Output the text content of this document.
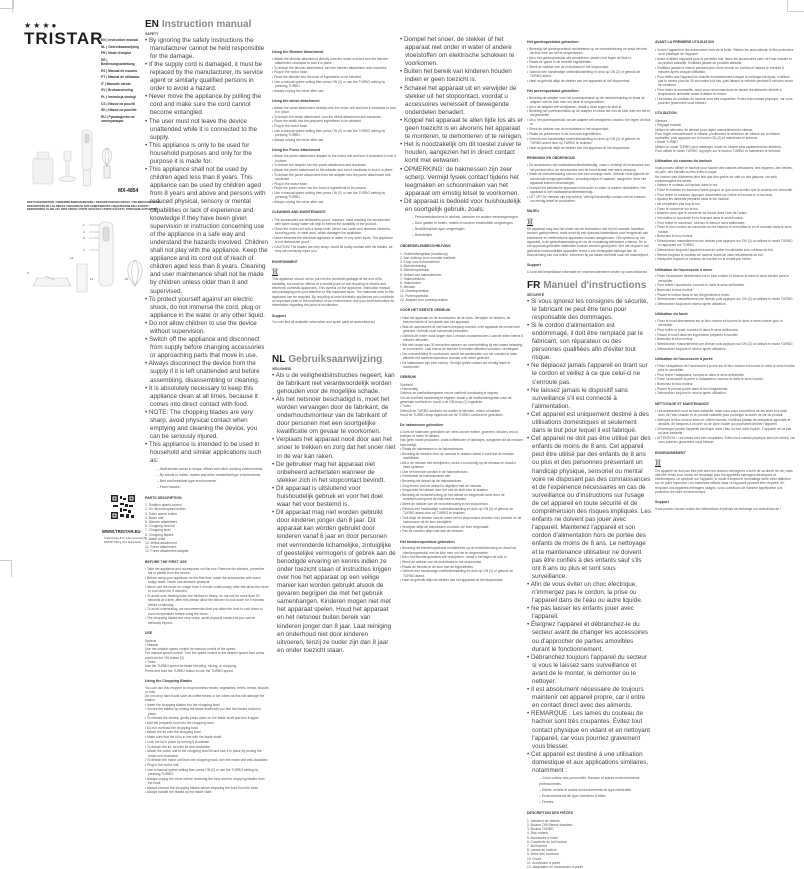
★★★●
TRISTAR
EN | Instruction manual
NL | Gebruiksaanwijzing
FR | Mode d'emploi
DE | Bedienungsanleitung
ES | Manual de usuario
PT | Manual de utilizador
IT | Manuale utente
SV | Bruksanvisning
PL | Instrukcja obsługi
CS | Návod na použití
SK | Návod na použitie
RU | Руководство по эксплуатации
MX-4854
PARTS DESCRIPTION / ONDERDELENBESCHRIJVING / DESCRIPTION DES PIÈCES / TEILEBESCHREIBUNG /
DESCRIPCIÓN DE LAS PIEZAS / DESCRIÇÃO DOS COMPONENTES / DESCRIZIONE DELLE PARTI /
BESKRIVNING AV DELAR / OPIS CZĘŚCI / POPIS SOUČÁSTÍ / POPIS SÚČASTÍ / ОПИСАНИЕ ЗАПЧАСТЕЙ
1
2
3
4
12
11	10
6
WWW.TRISTAR.EU
Tristar Europe B.V. | Jules Verneweg 87
5015 BH Tilburg | The Netherlands
EN Instruction manual
SAFETY
• By ignoring the safety instructions the manufacturer cannot be held responsible for the damage.
• If the supply cord is damaged, it must be replaced by the manufacturer, its service agent or similarly qualified persons in order to avoid a hazard.
• Never move the appliance by pulling the cord and make sure the cord cannot become entangled.
• The user must not leave the device unattended while it is connected to the supply.
• This appliance is only to be used for household purposes and only for the purpose it is made for.
• This appliance shall not be used by children aged less than 8 years. This appliance can be used by children aged from 8 years and above and persons with reduced physical, sensory or mental capabilities or lack of experience and knowledge if they have been given supervision or instruction concerning use of the appliance in a safe way and understand the hazards involved. Children shall not play with the appliance. Keep the appliance and its cord out of reach of children aged less than 8 years. Cleaning and user maintenance shall not be made by children unless older than 8 and supervised.
• To protect yourself against an electric shock, do not immerse the cord, plug or appliance in the water or any other liquid.
• Do not allow children to use the device without supervision.
• Switch off the appliance and disconnect from supply before changing accessories or approaching parts that move in use.
• Always disconnect the device from the supply if it is left unattended and before assembling, disassembling or cleaning.
• It is absolutely necessary to keep this appliance clean at all times, because it comes into direct contact with food.
• NOTE: The chopping blades are very sharp, avoid physical contact when emptying and cleaning the device, you can be seriously injured.
• This appliance is intended to be used in household and similar applications such as:
– Staff kitchen areas in shops, offices and other working environments.
– By clients in hotels, motels and other residential type environments.
– Bed and breakfast type environments.
– Farm houses.
PARTS DESCRIPTION
1. Rotation speed control
2. On /Normal speed button
3. Turbo speed button
4. Motor unit
5. Blender attachment
6. Chopping bowl lid
7. Chopping bowl
8. Chopping blades
9. Blade shaft
10. Whisk attachment
11. Puree attachment
12. Puree attachment adapter
BEFORE THE FIRST USE
• Take the appliance and accessories out the box. Remove the stickers, protective foil or plastic from the device.
• Before using your appliance for the first time, wash the accessories with warm soapy water. Never use abrasive products.
• Never use the mixer for longer than 1 minute continuously, after this allow the mixer to cool down for 5 minutes.
• To avoid over-heating when the mixture is heavy, do not mix for more than 30 seconds at a time, after this please allow the blender to cool down for 5 minutes before continuing.
• To avoid overheating, we recommended that you allow the food to cool down to room temperature before using the mixer.
• The chopping blades are very sharp, avoid physical contact as you can be seriously injured.
USE

Speeds

• Manual

Use the rotation speed control for manual control of the speed.

For manual speed control: Turn the speed control to the desired speed then press and hold the ON button (2).

• Turbo

Use the TURBO speed for faster blending, mixing, or chopping.

Press and hold the TURBO button to use the TURBO speed.

Using the Chopping Blades

You can use this chopper to chop boneless meats, vegetables, herbs, bread, biscuits or nuts.

Do not chop hard foods such as coffee beans or ice cubes as this will damage the blades.

• Insert the chopping blades into the chopping bowl.
• Secure the blades by turning the blade shaft until you feel the blades locked in place.
• To release the blades, gently press down on the blade shaft and turn it again.
• Add the prepared food into the chopping bowl.
• Do not overload the chopping bowl.
• Attach the lid onto the chopping bowl.
• Make sure that the lid is in line with the blade shaft.
• Lock the lid in place by turning it clockwise.
• To detach the lid, turn the lid anti clockwise.
• Attach the motor unit to the chopping bowl lid and lock it in place by turning the motor unit clockwise.
• To detach the motor unit from the chopping bowl, turn the motor unit anti-clockwise.
• Plug in the motor unit.
• Use a manual speed setting then press ON (2) or use the TURBO setting by pressing TURBO.
• Always unplug the mixer before removing the food and the chopping blades from the bowl.
• Always remove the chopping blades before emptying the food from the bowl.
• Always handle the blades by the blade shaft.
Using the Blender Attachment
• Attach the blender attachment directly onto the motor unit and turn the blender attachment clockwise to lock it in place.
• To detach the blender attachment, turn the blender attachment anti-clockwise.
• Plug in the motor base.
• Place the blender into the bowl of ingredients to be blended.
• Use a manual speed setting then press ON (2) or use the TURBO setting by pressing TURBO.
• Always unplug the mixer after use.
Using the whisk attachment
• Attach the whisk attachment directly onto the motor unit and turn it clockwise to lock it in place.
• To detach the whisk attachment, turn the whisk attachment anti-clockwise.
• Place the whisk into the prepared ingredients to be whisked.
• Plug in the motor base.
• Use a manual speed setting then press ON (2) or use the TURBO setting by pressing TURBO.
• Always unplug the mixer after use.
Using the Puree Attachment
• Attach the puree attachment adapter to the motor unit and turn it clockwise to lock it in place.
• To detach the adapter turn the puree attachment anti-clockwise.
• Attach the puree attachment to the adapter and turn it clockwise to lock it in place.
• To detach the puree attachment from the adapter turn the puree attachment anti-clockwise.
• Plug in the motor base.
• Place the puree mixer into the bowl of ingredients to be pureed.
• Use a manual speed setting then press ON (2) or use the TURBO setting by pressing TURBO.
• Always unplug the mixer after use.
CLEANING AND MAINTENANCE
• The accessories are dishwasher-proof, however, hand washing the accessories with warm soapy water will help to extend the durability of the product.
• Clean the motor unit with a damp cloth. Never use harsh and abrasive cleaners, scouring pads, or steel wool, which damages the appliance.
• Never immerse the electrical appliance in water or any other liquid. The appliance is not dishwasher proof.
• CAUTION! The blades are very sharp. Avoid all bodily contact with the blades, as they can seriously injure you.
ENVIRONMENT

This appliance should not be put into the domestic garbage at the end of its durability, but must be offered at a central point for the recycling of electric and electronic domestic appliances. This symbol on the appliance, instruction manual and packaging puts your attention to this important issue. The materials used in this appliance can be recycled. By recycling of used domestic appliances you contribute an important push to the protection of our environment. Ask your local authorities for information regarding the point of recollection.
Support

You can find all available information and spare parts at www.tristar.eu!

NL Gebruiksaanwijzing
VEILIGHEID
• Als u de veiligheidsinstructies negeert, kan de fabrikant niet verantwoordelijk worden gehouden voor de mogelijke schade.
• Als het netsnoer beschadigd is, moet het worden vervangen door de fabrikant, de onderhoudsmonteur van de fabrikant of door personen met een soortgelijke kwalificatie om gevaar te voorkomen.
• Verplaats het apparaat nooit door aan het snoer te trekken en zorg dat het snoer niet in de war kan raken.
• De gebruiker mag het apparaat niet onbeheerd achterlaten wanneer de stekker zich in het stopcontact bevindt.
• Dit apparaat is uitsluitend voor huishoudelijk gebruik en voor het doel waar het voor bestemd is.
• Dit apparaat mag niet worden gebruikt door kinderen jonger dan 8 jaar. Dit apparaat kan worden gebruikt door kinderen vanaf 8 jaar en door personen met verminderde lichamelijke, zintuiglijke of geestelijke vermogens of gebrek aan de benodigde ervaring en kennis indien ze onder toezicht staan of instructies krijgen over hoe het apparaat op een veilige manier kan worden gebruikt alsook de gevaren begrijpen die met het gebruik samenhangen. Kinderen mogen niet met het apparaat spelen. Houd het apparaat en het netsnoer buiten bereik van kinderen jonger dan 8 jaar. Laat reiniging en onderhoud niet door kinderen uitvoeren, tenzij ze ouder zijn dan 8 jaar en onder toezicht staan.
• Dompel het snoer, de stekker of het apparaat niet onder in water of andere vloeistoffen om elektrische schokken te voorkomen.
• Buiten het bereik van kinderen houden indien er geen toezicht is.
• Schakel het apparaat uit en verwijder de stekker uit het stopcontact, voordat u accessoires verwisselt of bewegende onderdelen benadert.
• Koppel het apparaat te allen tijde los als er geen toezicht is en alvorens het apparaat te monteren, te demonteren of te reinigen.
• Het is noodzakelijk om dit toestel zuiver te houden, aangezien het in direct contact komt met eetwaren.
• OPMERKING: de hakmessen zijn zeer scherp. Vermijd fysiek contact tijdens het leegmaken en schoonmaken van het apparaat om ernstig letsel te voorkomen.
• Dit apparaat is bedoeld voor huishoudelijk en soortgelijk gebruik, zoals:
– Personeelskeukens in winkels, kantoren en andere werkomgevingen.
– Door gasten in hotels, motels en andere residentiële omgevingen.
– Bed&Breakfast-type omgevingen.
– Boerderijen.
ONDERDELENBESCHRIJVING
1. Snelheidsregelaar (draaiknop)
2. Aan-/uitknop voor normale snelheid
3. Knop voor turbosnelheid
4. Motorbehuizing
5. Blenderopzetstuk
6. Deksel van hakmolenkom
7. Hakmolenkom
8. Hakmessen
9. Messas
10. Gardeopzetstuk
11. Pureeopzetstuk
12. Adapter voor pureeopzetstuk
VOOR HET EERSTE GEBRUIK
• Haal het apparaat en de accessoires uit de doos. Verwijder de stickers, de beschermfolie of het plastic van het apparaat.
• Was de accessoires af met warm zeepsop voordat u het apparaat de eerste keer gebruikt. Gebruik nooit schurende producten.
• Gebruik de mixer nooit langer dan 1 minuut ononderbroken. Laat de mixer hierna 5 minuten afkoelen.
• Mix niet langer dan 30 seconden aaneen om oververhitting bij een zware belasting te voorkomen. Laat hierna de blender 5 minuten afkoelen voordat u verdergaat.
• Om oververhitting te voorkomen, wordt het aanbevolen om het voedsel te laten afkoelen tot kamertemperatuur voordat u de mixer gebruikt.
• De hakmessen zijn zeer scherp. Vermijd fysiek contact om ernstig letsel te voorkomen.
GEBRUIK

Snelheid

• Handmatig

Gebruik de snelheidsregelaar om de snelheid handmatig te regelen.

Om de snelheid handmatig te regelen, draait u de snelheidsregelaar naar de gewenste snelheid en houdt u de ON-knop (2) ingedrukt.

• Turbo

Gebruik de TURBO-snelheid om sneller te blenden, mixen of hakken.

Houd de TURBO-knop ingedrukt om de TURBO-snelheid te gebruiken.

De hakmessen gebruiken

U kunt de hakmolen gebruiken om vlees zonder botten, groenten, kruiden, brood, koekjes of noten te hakken.

Hak geen harde producten, zoals koffiebonen of ijsblokjes, aangezien dit de messen beschadigt.

• Plaats de hakmessen in de hakmolenkom.
• Bevestig de messen door de messas te draaien totdat u voelt dat de messen vastklikken.
• Als u de messen wilt verwijderen, drukt u voorzichtig op de messas en draait u deze opnieuw.
• Doe het bereide voedsel in de hakmolenkom.
• Overbelast de hakmolenkom niet.
• Bevestig het deksel op de hakmolenkom.
• Zorg ervoor dat het deksel is uitgelijnd met de messas.
• Vergrendel het deksel door het met de klok mee te draaien.
• Bevestig de motorbehuizing op het deksel en vergrendel deze door de motorbehuizing met de klok mee te draaien.
• Steek de stekker van de motorbehuizing in het stopcontact.
• Gebruik een handmatige snelheidsinstelling en druk op ON (2) of gebruik de TURBO-stand door op TURBO te drukken.
• Trek altijd de stekker van de mixer uit het stopcontact voordat u het voedsel en de hakmessen uit de kom verwijdert.
• Verwijder altijd de hakmessen voordat u de kom leegmaakt.
• Pak de messen altijd vast aan de messas.
Het blenderopzetstuk gebruiken
• Bevestig het blenderopzetstuk rechtstreeks op de motorbehuizing en draai het blenderopzetstuk met de klok mee om het te vergrendelen.
• Als u het blenderopzetstuk wilt verwijderen, draait u het tegen de klok in.
• Steek de stekker van de motorbasis in het stopcontact.
• Plaats de blender in de kom met de ingrediënten.
• Gebruik een handmatige snelheidsinstelling en druk op ON (2) of gebruik de TURBO-stand.
• Haal na gebruik altijd de stekker van het apparaat uit het stopcontact.
Het gardeopzetstuk gebruiken
• Bevestig het gardeopzetstuk rechtstreeks op de motorbehuizing en draai het met de klok mee om het te vergrendelen.
• Als u het gardeopzetstuk wilt verwijderen, draait u het tegen de klok in.
• Plaats de garde in de bereide ingrediënten.
• Steek de stekker van de motorbasis in het stopcontact.
• Gebruik een handmatige snelheidsinstelling en druk op ON (2) of gebruik de TURBO-stand.
• Haal na gebruik altijd de stekker van het apparaat uit het stopcontact.
Het pureeopzetstuk gebruiken
• Bevestig de adapter voor het pureeopzetstuk op de motorbehuizing en draai de adapter met de klok mee om deze te vergrendelen.
• Als u de adapter wilt verwijderen, draait u deze tegen de klok in.
• Bevestig het pureeopzetstuk op de adapter en draai het met de klok mee om het te vergrendelen.
• Als u het pureeopzetstuk van de adapter wilt verwijderen, draait u het tegen de klok in.
• Steek de stekker van de motorbasis in het stopcontact.
• Plaats de pureemixer in de kom met ingrediënten.
• Gebruik een handmatige snelheidsinstelling en druk op ON (2) of gebruik de TURBO-stand door op TURBO te drukken.
• Haal na gebruik altijd de stekker van het apparaat uit het stopcontact.
REINIGING EN ONDERHOUD
• De accessoires zijn vaatwasmachinebestendig, maar u verlengt de levensduur van het product als u de accessoires met de hand afwast met warm zeepsop.
• Maak de motorbehuizing schoon met een vochtige doek. Gebruik nooit bijtende en schurende reinigingsmiddelen, schuursponsjes of staalwol, aangezien deze het apparaat kunnen beschadigen.
• Dompel het elektrische apparaat nooit onder in water of andere vloeistoffen. Het apparaat is niet vaatwasmachinebestendig.
• LET OP! De messen zijn erg scherp. Vermijd lichamelijk contact met de messen om ernstig letsel te voorkomen.
MILIEU

Dit apparaat mag aan het einde van de levensduur niet bij het normale huisafval worden gedeponeerd, maar moet bij een speciaal inzamelpunt voor hergebruik van elektrische en elektronische apparaten worden aangeboden. Het symbool op het apparaat, in de gebruiksaanwijzing en op de verpakking attendeert u hierop. De in het apparaat gebruikte materialen kunnen worden gerecycled. Met het recyclen van gebruikte huishoudelijke apparaten levert u een belangrijke bijdrage aan de bescherming van ons milieu. Informeer bij uw lokale overheid naar het inzamelpunt.
Support

U kunt alle beschikbare informatie en reserveonderdelen vinden op www.tristar.eu!

FR Manuel d'instructions
SÉCURITÉ
• Si vous ignorez les consignes de sécurité, le fabricant ne peut être tenu pour responsable des dommages.
• Si le cordon d'alimentation est endommagé, il doit être remplacé par le fabricant, son réparateur ou des personnes qualifiées afin d'éviter tout risque.
• Ne déplacez jamais l'appareil en tirant sur le cordon et veillez à ce que celui-ci ne s'enroule pas.
• Ne laissez jamais le dispositif sans surveillance s'il est connecté à l'alimentation.
• Cet appareil est uniquement destiné à des utilisations domestiques et seulement dans le but pour lequel il est fabriqué.
• Cet appareil ne doit pas être utilisé par des enfants de moins de 8 ans. Cet appareil peut être utilisé par des enfants de 8 ans ou plus et des personnes présentant un handicap physique, sensoriel ou mental voire ne disposant pas des connaissances et de l'expérience nécessaires en cas de surveillance ou d'instructions sur l'usage de cet appareil en toute sécurité et de compréhension des risques impliqués. Les enfants ne doivent pas jouer avec l'appareil. Maintenez l'appareil et son cordon d'alimentation hors de portée des enfants de moins de 8 ans. Le nettoyage et la maintenance utilisateur ne doivent pas être confiés à des enfants sauf s'ils ont 8 ans ou plus et sont sous surveillance.
• Afin de vous éviter un choc électrique, n'immergez pas le cordon, la prise ou l'appareil dans de l'eau ou autre liquide.
• Ne pas laisser les enfants jouer avec l'appareil.
• Éteignez l'appareil et débranchez-le du secteur avant de changer les accessoires ou d'approcher de parties amovibles durant le fonctionnement.
• Débranchez toujours l'appareil du secteur si vous le laissez sans surveillance et avant de le monter, le démonter ou le nettoyer.
• Il est absolument nécessaire de toujours maintenir cet appareil propre, car il entre en contact direct avec des aliments.
• REMARQUE : Les lames du couteau de hachoir sont très coupantes. Évitez tout contact physique en vidant et en nettoyant l'appareil, car vous pourriez gravement vous blesser.
• Cet appareil est destiné à une utilisation domestique et aux applications similaires, notamment :
– Coins cuisine des personnels, bureaux et autres environnements professionnels.
– Hôtels, motels et autres environnements de type résidentiel.
– Environnements de type chambres d'hôtes.
– Fermes.
DESCRIPTION DES PIÈCES
1. Variateur de vitesse
2. Bouton ON/Vitesse standard
3. Bouton TURBO
4. Bloc moteur
5. Accessoire à mixer
6. Couvercle du bol hachoir
7. Bol hachoir
8. Lames du hachoir
9. Arbre des couteaux
10. Fouet
11. Accessoire à purée
12. Adaptateur de l'accessoire à purée
AVANT LA PREMIÈRE UTILISATION
• Sortez l'appareil et les accessoires hors de la boîte. Retirez les autocollants, le film protecteur ou le plastique de l'appareil.
• Avant d'utiliser l'appareil pour la première fois, lavez les accessoires avec de l'eau chaude et du produit vaisselle. N'utilisez jamais de produits abrasifs.
• N'utilisez jamais le mixeur pendant plus d'une minute en continu et laissez-le refroidir 5 minutes après chaque utilisation.
• Pour éviter que l'appareil ne chauffe excessivement lorsque le mélange est épais, n'utilisez pas le mixeur plus de 30 secondes à la fois, puis laissez-le refroidir pendant 5 minutes avant de continuer.
• Pour éviter la surchauffe, nous vous recommandons de laisser les aliments refroidir à température ambiante avant d'utiliser le mixeur.
• Les lames du couteau du hachoir sont très coupantes. Évitez tout contact physique, car vous pourriez gravement vous blesser.
UTILISATION

Vitesses

• Réglage manuel

Utilisez le sélecteur de vitesse pour régler manuellement la vitesse.

Pour régler manuellement la vitesse, positionnez le sélecteur de vitesse sur la vitesse souhaitée, puis appuyez sur le bouton ON (2) et maintenez-le enfoncé.

• Mode TURBO

Utilisez le mode TURBO pour mélanger, mixer ou hacher plus rapidement les aliments.

Pour utiliser le mode TURBO, appuyez sur le bouton TURBO et maintenez-le enfoncé.

Utilisation du couteau du hachoir

Vous pouvez utiliser le hachoir pour hacher des viandes désossées, des légumes, des herbes, du pain, des biscuits ou des fruits à coque.

Ne hachez pas d'aliments durs tels que des grains de café ou des glaçons, car cela endommagera les lames.

• Insérez le couteau du hachoir dans le bol.
• Fixez le couteau en tournant l'arbre jusqu'à ce que vous sentiez que le couteau est verrouillé.
• Pour retirer le couteau, appuyez doucement sur l'arbre et tournez-le à nouveau.
• Ajoutez les aliments préparés dans le bol hachoir.
• Ne remplissez pas trop le bol.
• Fixez le couvercle sur le bol.
• Assurez-vous que le couvercle se trouve dans l'axe de l'arbre.
• Verrouillez le couvercle en le tournant dans le sens horaire.
• Pour retirer le couvercle, tournez-le dans le sens antihoraire.
• Fixez le bloc moteur au couvercle du bol hachoir et verrouillez-le en le tournant dans le sens horaire.
• Branchez le bloc moteur.
• Sélectionnez manuellement une vitesse puis appuyez sur ON (2) ou utilisez le mode TURBO en appuyant sur TURBO.
• Débranchez toujours l'appareil avant de retirer les aliments et le couteau du bol.
• Retirez toujours le couteau de hachoir avant de vider les aliments du bol.
• Manipulez toujours le couteau de hachoir en le tenant par l'arbre.
Utilisation de l'accessoire à mixer
• Fixez l'accessoire directement sur le bloc moteur et tournez-le dans le sens horaire pour le verrouiller.
• Pour retirer l'accessoire, tournez-le dans le sens antihoraire.
• Branchez le bloc moteur.
• Placez le mixeur dans le bol d'ingrédients à mixer.
• Sélectionnez manuellement une vitesse puis appuyez sur ON (2) ou utilisez le mode TURBO.
• Débranchez toujours le mixeur après utilisation.
Utilisation du fouet
• Fixez le fouet directement sur le bloc moteur et tournez-le dans le sens horaire pour le verrouiller.
• Pour retirer le fouet, tournez-le dans le sens antihoraire.
• Placez le fouet dans les ingrédients préparés à fouetter.
• Branchez le bloc moteur.
• Sélectionnez manuellement une vitesse puis appuyez sur ON (2) ou utilisez le mode TURBO.
• Débranchez toujours le mixeur après utilisation.
Utilisation de l'accessoire à purée
• Fixez l'adaptateur de l'accessoire à purée sur le bloc moteur et tournez-le dans le sens horaire pour le verrouiller.
• Pour retirer l'adaptateur, tournez-le dans le sens antihoraire.
• Fixez l'accessoire à purée à l'adaptateur, tournez-le dans le sens horaire.
• Branchez le bloc moteur.
• Placez le presse-purée dans le bol d'ingrédients.
• Débranchez toujours le mixeur après utilisation.
NETTOYAGE ET MAINTENANCE
• Les accessoires vont au lave-vaisselle, mais nous vous conseillons de les laver à la main avec de l'eau chaude et du produit vaisselle pour prolonger la durée de vie du produit.
• Nettoyez le bloc moteur avec un chiffon humide. N'utilisez jamais de nettoyants agressifs et abrasifs, de tampons à récurer ou de laine d'acier qui pourraient abîmer l'appareil.
• N'immergez jamais l'appareil électrique dans l'eau ou tout autre liquide. L'appareil ne va pas au lave-vaisselle.
• ATTENTION ! Les lames sont très coupantes. Évitez tout contact physique avec les lames, car vous pourriez gravement vous blesser.
ENVIRONNEMENT

Cet appareil ne doit pas être jeté avec les ordures ménagères à la fin de sa durée de vie, mais doit être remis à un centre de recyclage pour les appareils ménagers électriques et électroniques. Le symbole sur l'appareil, le mode d'emploi et l'emballage attire votre attention sur ce point important. Les matériaux utilisés dans cet appareil peuvent être recyclés. En recyclant vos appareils ménagers usagés, vous contribuez de manière significative à la protection de notre environnement.
Support

Vous pouvez trouver toutes les informations et pièces de rechange sur www.tristar.eu !
